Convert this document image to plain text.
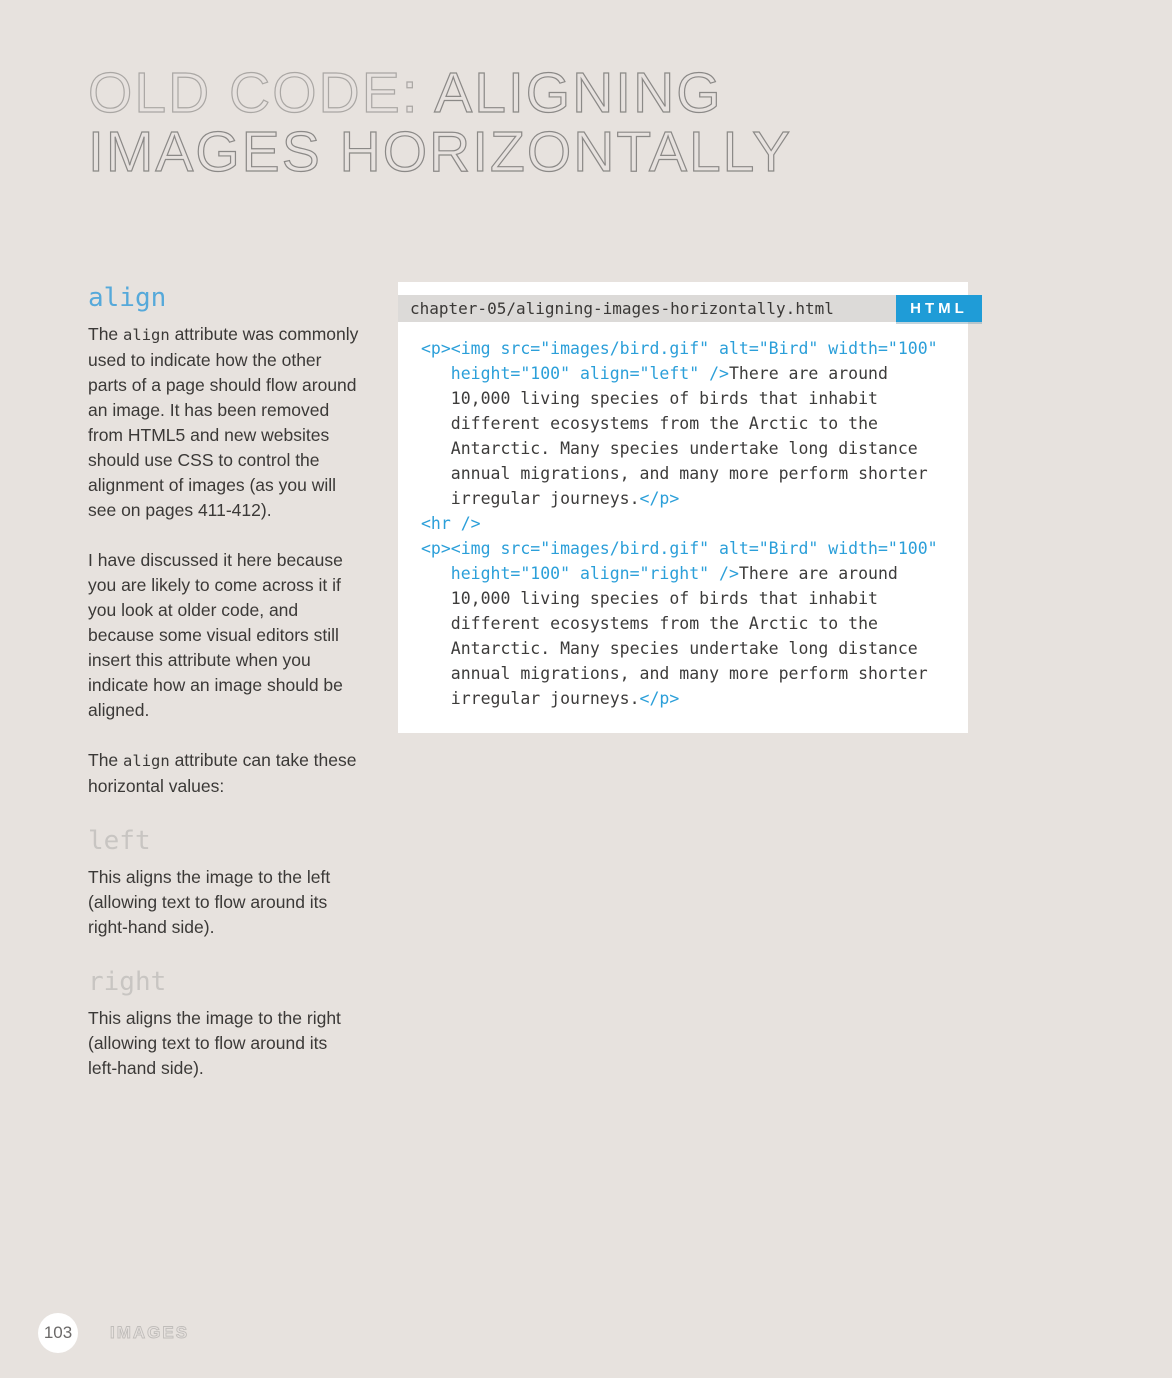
OLD CODE: ALIGNING
IMAGES HORIZONTALLY
align

The align attribute was commonly used to indicate how the other parts of a page should flow around an image. It has been removed from HTML5 and new websites should use CSS to control the alignment of images (as you will see on pages 411-412).

I have discussed it here because you are likely to come across it if you look at older code, and because some visual editors still insert this attribute when you indicate how an image should be aligned.

The align attribute can take these horizontal values:

left

This aligns the image to the left (allowing text to flow around its right-hand side).

right

This aligns the image to the right (allowing text to flow around its left-hand side).

chapter-05/aligning-images-horizontally.html	HTML
<p><img src="images/bird.gif" alt="Bird" width="100"
height="100" align="left" />There are around
10,000 living species of birds that inhabit
different ecosystems from the Arctic to the
Antarctic. Many species undertake long distance
annual migrations, and many more perform shorter
irregular journeys.</p>
<hr />
<p><img src="images/bird.gif" alt="Bird" width="100"
height="100" align="right" />There are around
10,000 living species of birds that inhabit
different ecosystems from the Arctic to the
Antarctic. Many species undertake long distance
annual migrations, and many more perform shorter
irregular journeys.</p>
103	IMAGES
